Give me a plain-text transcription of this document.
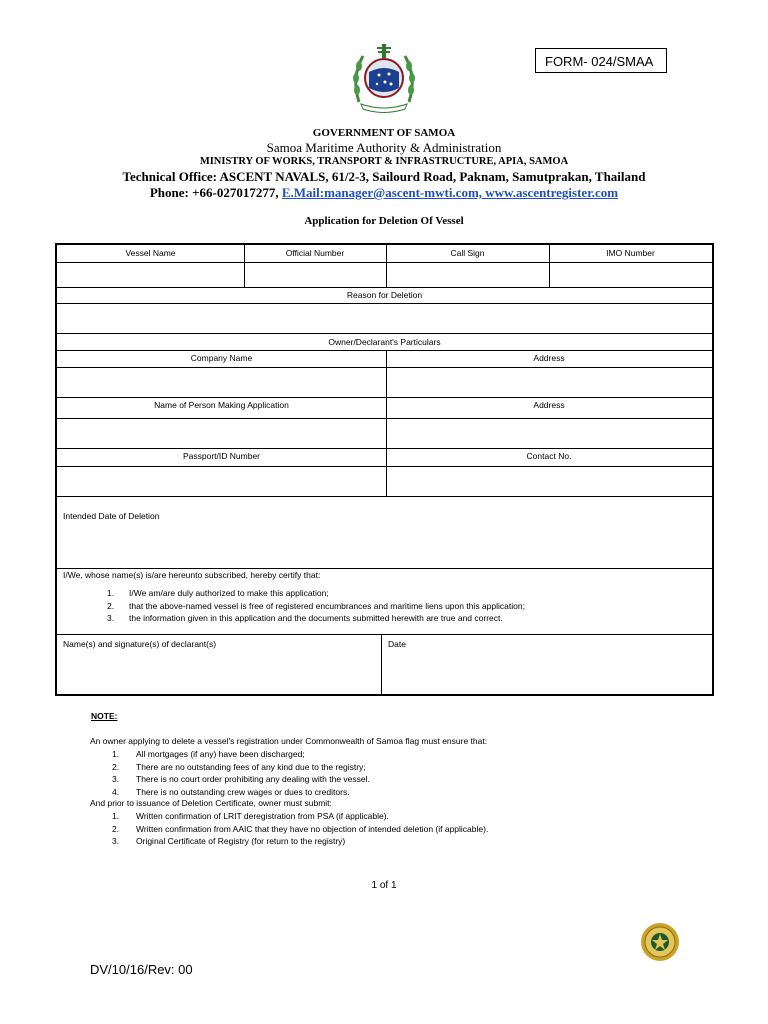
FORM- 024/SMAA
GOVERNMENT OF SAMOA
Samoa Maritime Authority & Administration
MINISTRY OF WORKS, TRANSPORT & INFRASTRUCTURE, APIA, SAMOA
Technical Office: ASCENT NAVALS, 61/2-3, Sailourd Road, Paknam, Samutprakan, Thailand
Phone: +66-027017277, E.Mail:manager@ascent-mwti.com, www.ascentregister.com
Application for Deletion Of Vessel
Vessel Name	Official Number	Call Sign	IMO Number
Reason for Deletion
Owner/Declarant's Particulars
Company Name	Address
Name of Person Making Application	Address
Passport/ID Number	Contact No.
Intended Date of Deletion
I/We, whose name(s) is/are hereunto subscribed, hereby certify that:
1. I/We am/are duly authorized to make this application;
2. that the above-named vessel is free of registered encumbrances and maritime liens upon this application;
3. the information given in this application and the documents submitted herewith are true and correct.
Name(s) and signature(s) of declarant(s)	Date
NOTE:
An owner applying to delete a vessel's registration under Commonwealth of Samoa flag must ensure that:
1. All mortgages (if any) have been discharged;
2. There are no outstanding fees of any kind due to the registry;
3. There is no court order prohibiting any dealing with the vessel.
4. There is no outstanding crew wages or dues to creditors.
And prior to issuance of Deletion Certificate, owner must submit:
1. Written confirmation of LRIT deregistration from PSA (if applicable).
2. Written confirmation from AAIC that they have no objection of intended deletion (if applicable).
3. Original Certificate of Registry (for return to the registry)
1 of 1
DV/10/16/Rev: 00
